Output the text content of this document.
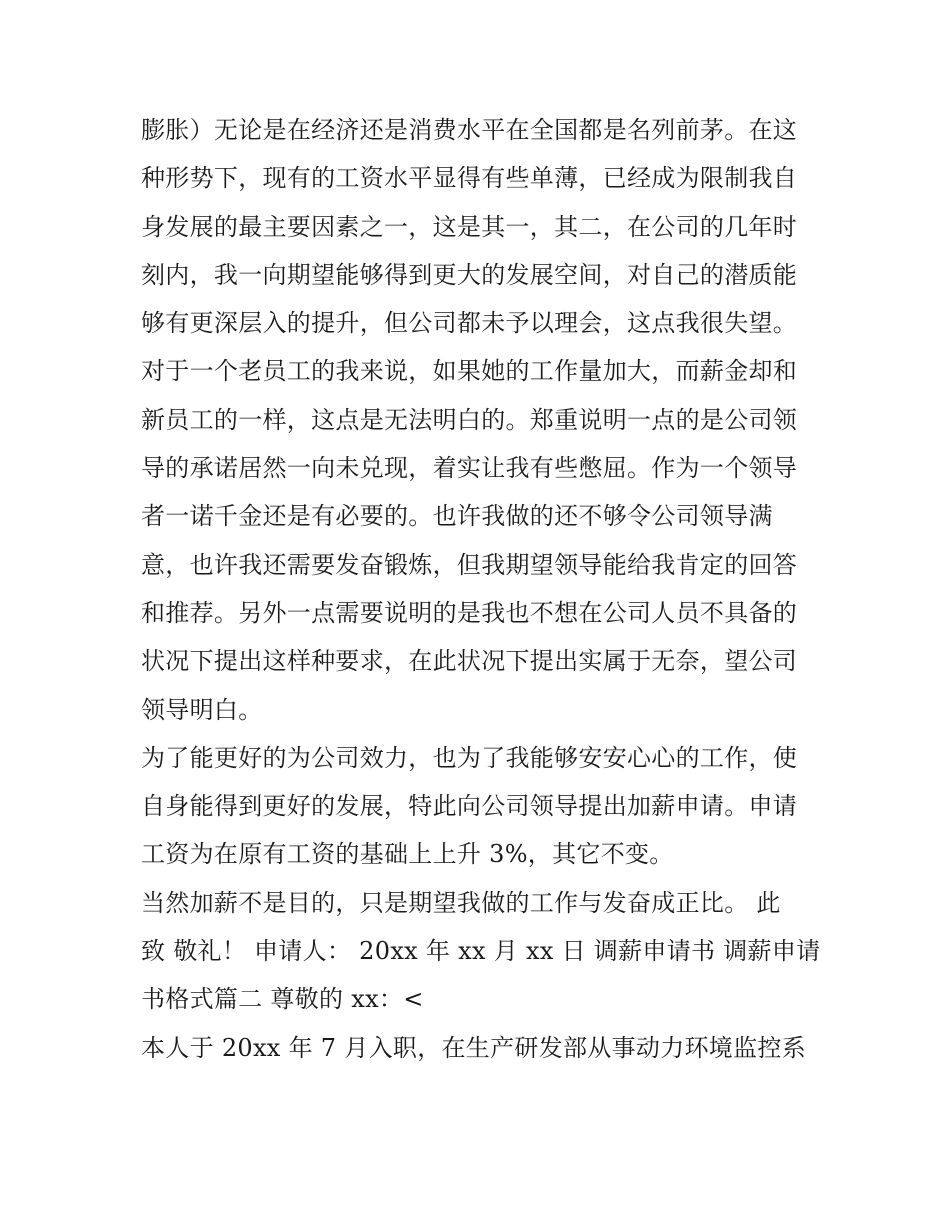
膨胀）无论是在经济还是消费水平在全国都是名列前茅。在这
种形势下，现有的工资水平显得有些单薄，已经成为限制我自
身发展的最主要因素之一，这是其一，其二，在公司的几年时
刻内，我一向期望能够得到更大的发展空间，对自己的潜质能
够有更深层入的提升，但公司都未予以理会，这点我很失望。
对于一个老员工的我来说，如果她的工作量加大，而薪金却和
新员工的一样，这点是无法明白的。郑重说明一点的是公司领
导的承诺居然一向未兑现，着实让我有些憋屈。作为一个领导
者一诺千金还是有必要的。也许我做的还不够令公司领导满
意，也许我还需要发奋锻炼，但我期望领导能给我肯定的回答
和推荐。另外一点需要说明的是我也不想在公司人员不具备的
状况下提出这样种要求，在此状况下提出实属于无奈，望公司
领导明白。
为了能更好的为公司效力，也为了我能够安安心心的工作，使
自身能得到更好的发展，特此向公司领导提出加薪申请。申请
工资为在原有工资的基础上上升 3%，其它不变。
当然加薪不是目的，只是期望我做的工作与发奋成正比。 此
致 敬礼！ 申请人： 20xx 年 xx 月 xx 日 调薪申请书 调薪申请
书格式篇二 尊敬的 xx：<
本人于 20xx 年 7 月入职，在生产研发部从事动力环境监控系
